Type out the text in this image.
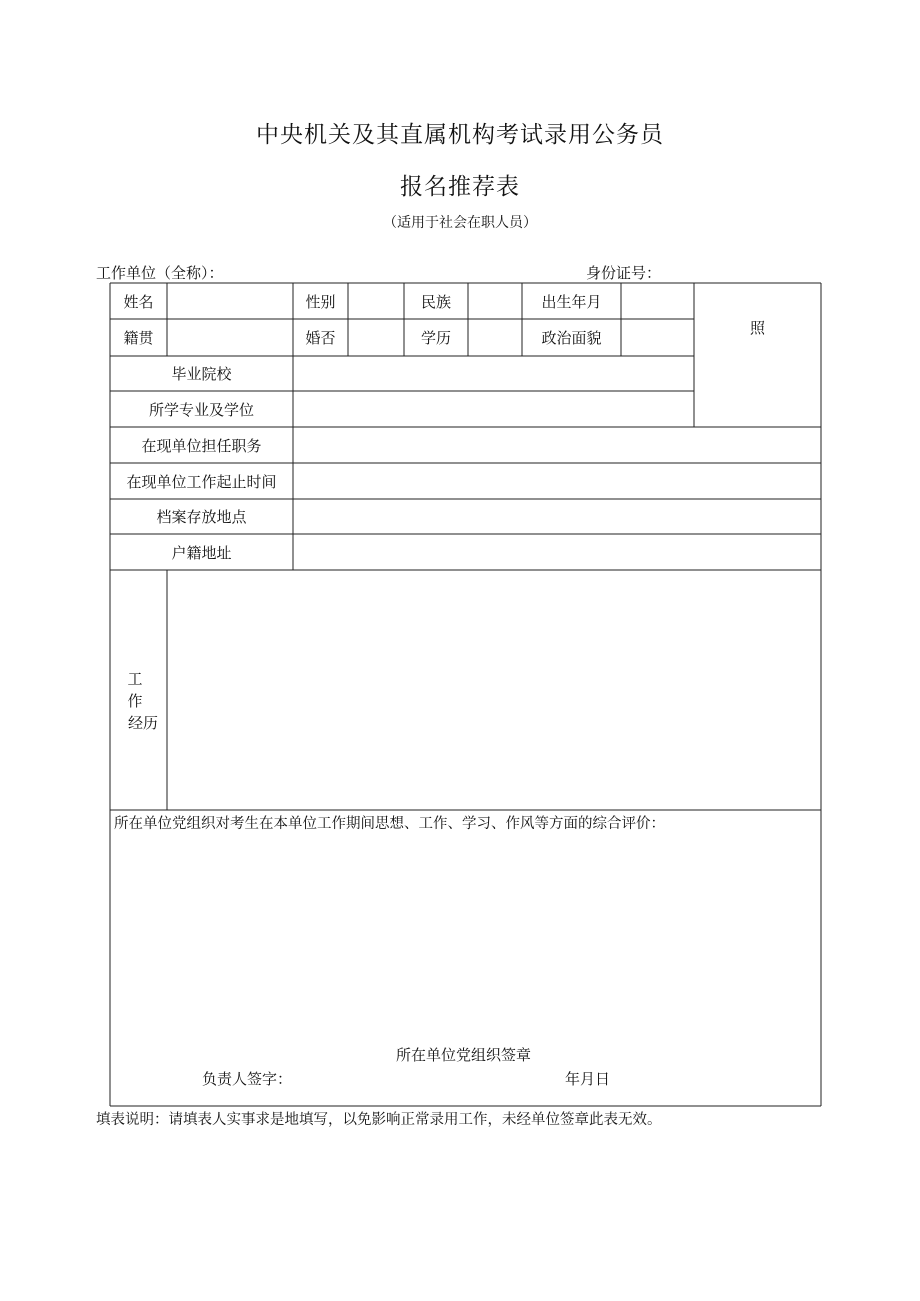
中央机关及其直属机构考试录用公务员
报名推荐表
（适用于社会在职人员）
工作单位（全称）：	身份证号：
姓名	性别	民族	出生年月
籍贯	婚否	学历	政治面貌
照
毕业院校
所学专业及学位
在现单位担任职务
在现单位工作起止时间
档案存放地点
户籍地址
工作
经历
所在单位党组织对考生在本单位工作期间思想、工作、学习、作风等方面的综合评价：
所在单位党组织签章
负责人签字：	年月日
填表说明：请填表人实事求是地填写，以免影响正常录用工作，未经单位签章此表无效。
